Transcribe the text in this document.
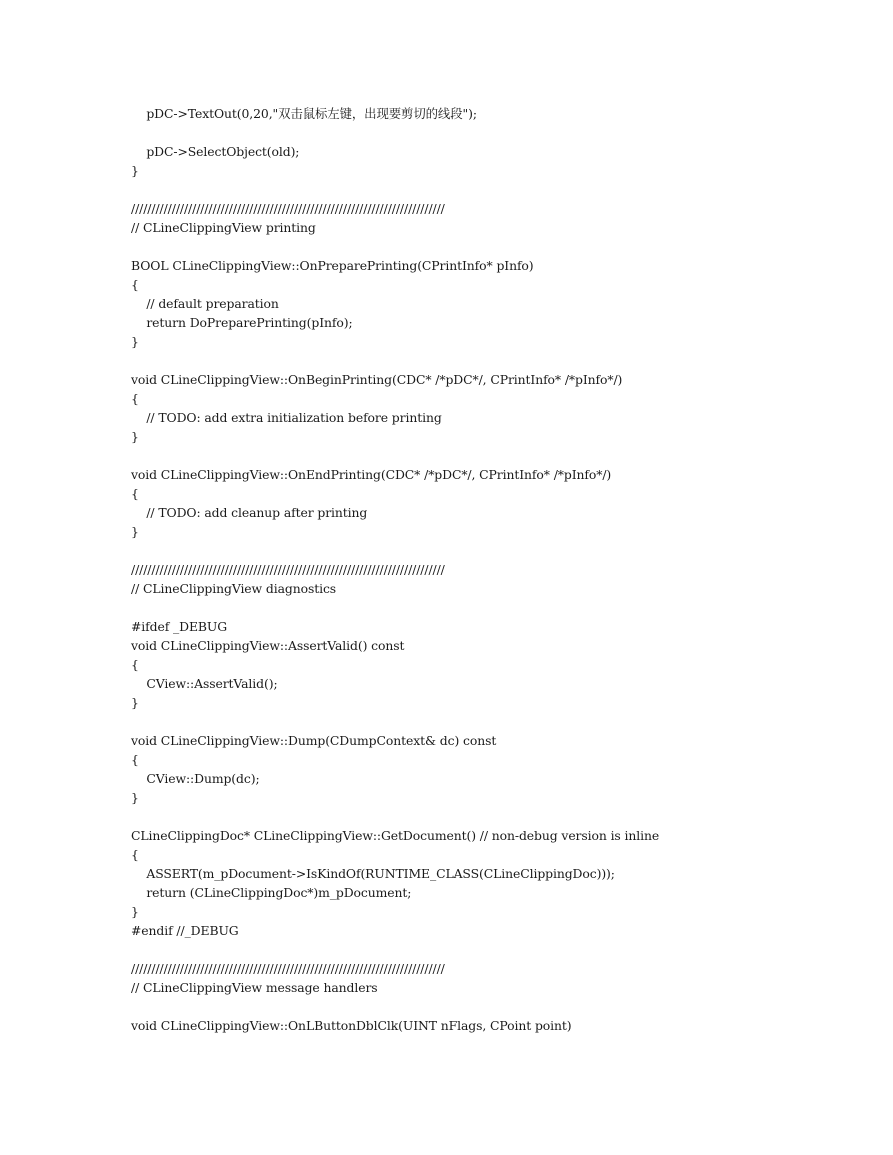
pDC->TextOut(0,20,"双击鼠标左键，出现要剪切的线段");

pDC->SelectObject(old);
}

/////////////////////////////////////////////////////////////////////////////
// CLineClippingView printing

BOOL CLineClippingView::OnPreparePrinting(CPrintInfo* pInfo)
{
// default preparation
return DoPreparePrinting(pInfo);
}

void CLineClippingView::OnBeginPrinting(CDC* /*pDC*/, CPrintInfo* /*pInfo*/)
{
// TODO: add extra initialization before printing
}

void CLineClippingView::OnEndPrinting(CDC* /*pDC*/, CPrintInfo* /*pInfo*/)
{
// TODO: add cleanup after printing
}

/////////////////////////////////////////////////////////////////////////////
// CLineClippingView diagnostics

#ifdef _DEBUG
void CLineClippingView::AssertValid() const
{
CView::AssertValid();
}

void CLineClippingView::Dump(CDumpContext& dc) const
{
CView::Dump(dc);
}

CLineClippingDoc* CLineClippingView::GetDocument() // non-debug version is inline
{
ASSERT(m_pDocument->IsKindOf(RUNTIME_CLASS(CLineClippingDoc)));
return (CLineClippingDoc*)m_pDocument;
}
#endif //_DEBUG

/////////////////////////////////////////////////////////////////////////////
// CLineClippingView message handlers

void CLineClippingView::OnLButtonDblClk(UINT nFlags, CPoint point)
